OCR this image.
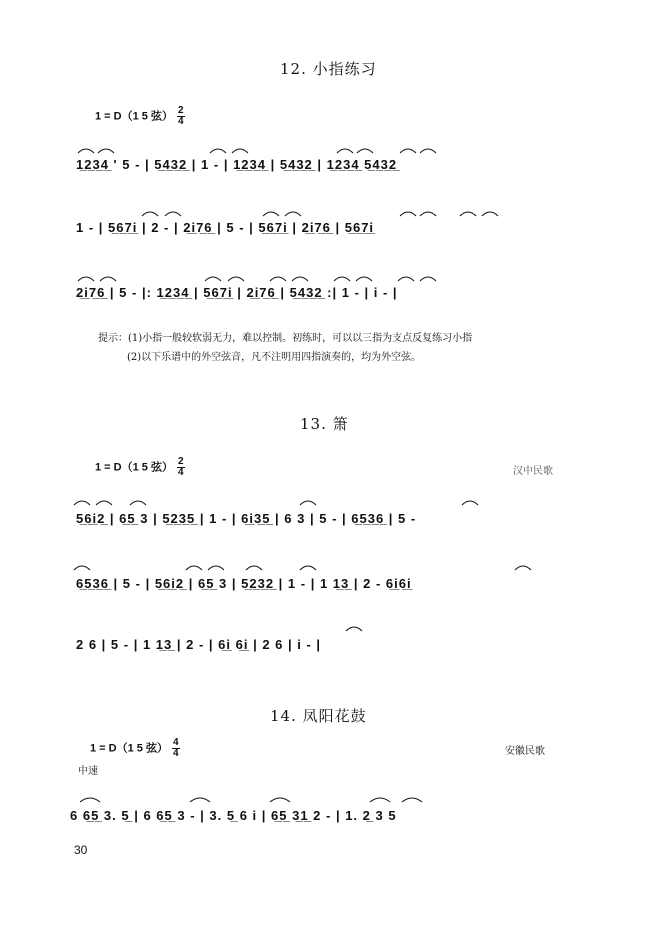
12. 小指练习
1 = D（1 5 弦） $\frac{2}{4}$
1̲2̲3̲4̲ ' 5 - | 5̲4̲3̲2̲ | 1 - | 1̲2̲3̲4̲ | 5̲4̲3̲2̲ | 1̲2̲3̲4̲ 5̲4̲3̲2̲
1 - | 5̲6̲7̲i̲ | 2 - | 2̲i̲7̲6̲ | 5 - | 5̲6̲7̲i̲ | 2̲i̲7̲6̲ | 5̲6̲7̲i̲
2̲i̲7̲6̲ | 5 - |: 1̲2̲3̲4̲ | 5̲6̲7̲i̲ | 2̲i̲7̲6̲ | 5̲4̲3̲2̲ :| 1 - | i - |
提示：(1)小指一般较软弱无力，难以控制。初练时，可以以三指为支点反复练习小指
(2)以下乐谱中的外空弦音，凡不注明用四指演奏的，均为外空弦。
13. 箫
1 = D（1 5 弦） $\frac{2}{4}$	汉中民歌
5̲6̲i̲2̲ | 6̲5̲ 3 | 5̲2̲3̲5̲ | 1 - | 6̲i̲3̲5̲ | 6 3 | 5 - | 6̲5̲3̲6̲ | 5 -
6̲5̲3̲6̲ | 5 - | 5̲6̲i̲2̲ | 6̲5̲ 3 | 5̲2̲3̲2̲ | 1 - | 1 1̲3̲ | 2 - 6̲i̲6̲i̲
2 6 | 5 - | 1 1̲3̲ | 2 - | 6̲i̲ 6̲i̲ | 2 6 | i - |
14. 凤阳花鼓
1 = D（1 5 弦） $\frac{4}{4}$	安徽民歌
中速
6 6̲5̲ 3. 5̲ | 6 6̲5̲ 3 - | 3. 5̲ 6 i | 6̲5̲ 3̲1̲ 2 - | 1. 2̲ 3 5
30
